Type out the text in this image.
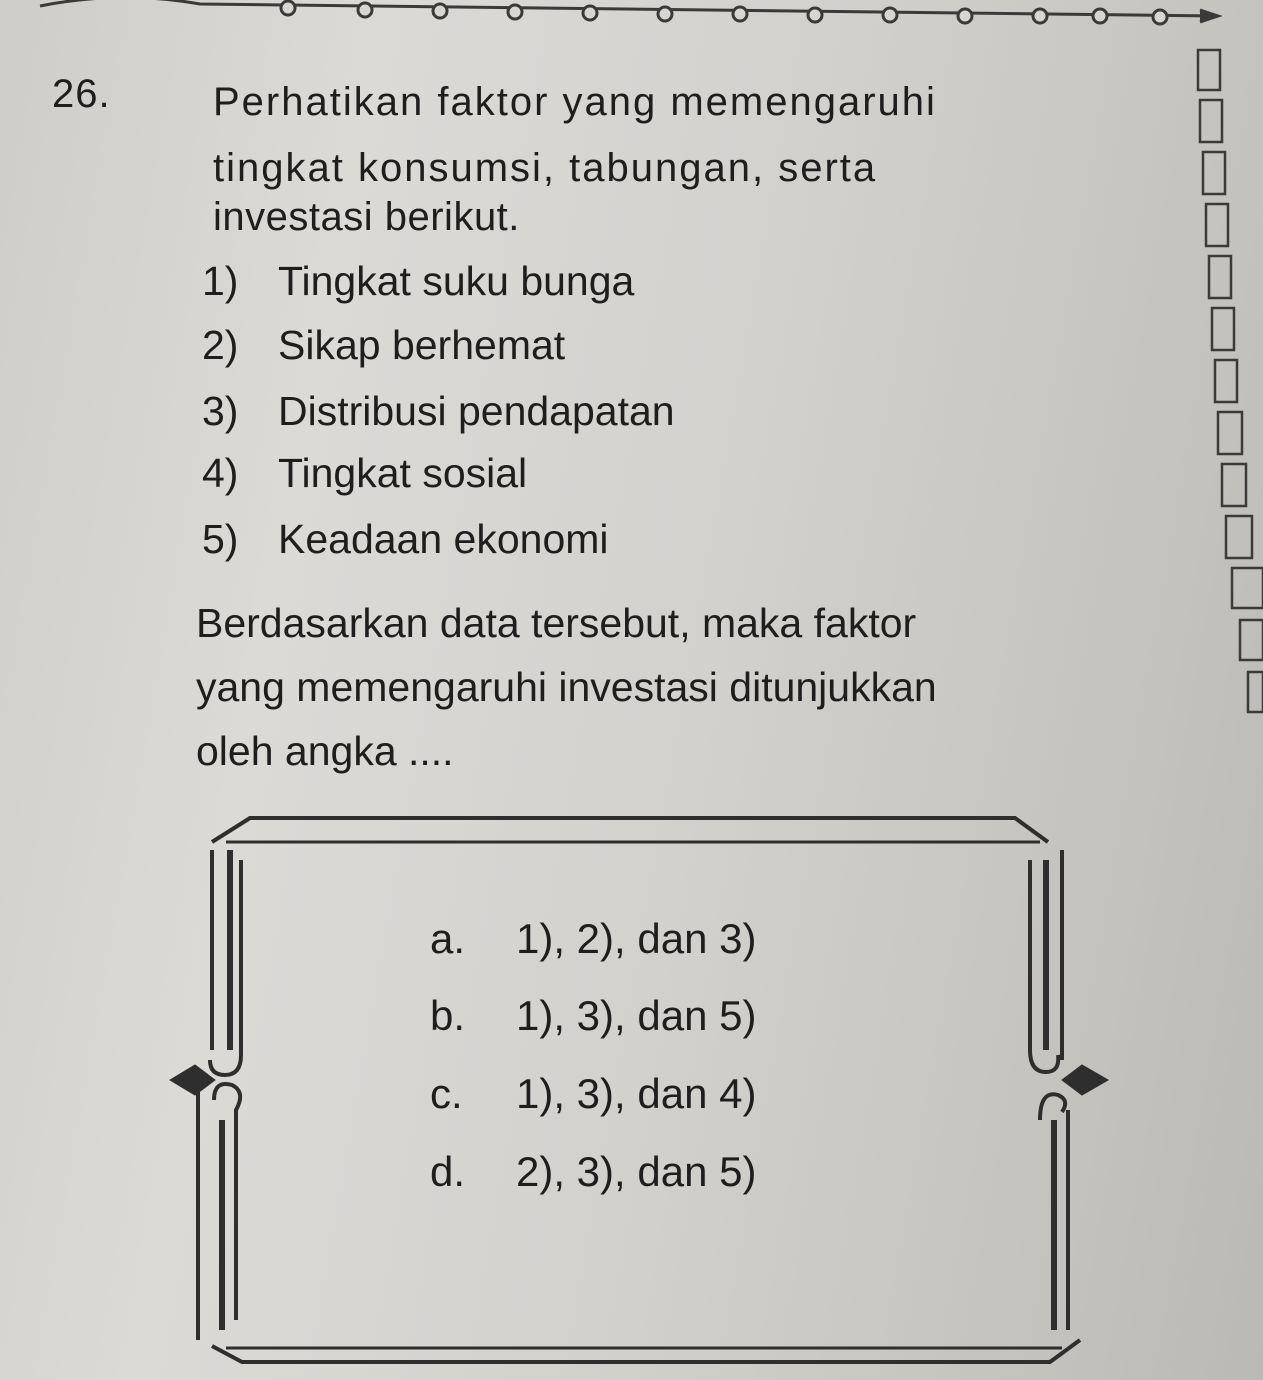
26.	Perhatikan faktor yang memengaruhi
tingkat konsumsi, tabungan, serta
investasi berikut.
1) Tingkat suku bunga
2) Sikap berhemat
3) Distribusi pendapatan
4) Tingkat sosial
5) Keadaan ekonomi
Berdasarkan data tersebut, maka faktor
yang memengaruhi investasi ditunjukkan
oleh angka ....
a. 1), 2), dan 3)
b. 1), 3), dan 5)
c. 1), 3), dan 4)
d. 2), 3), dan 5)
